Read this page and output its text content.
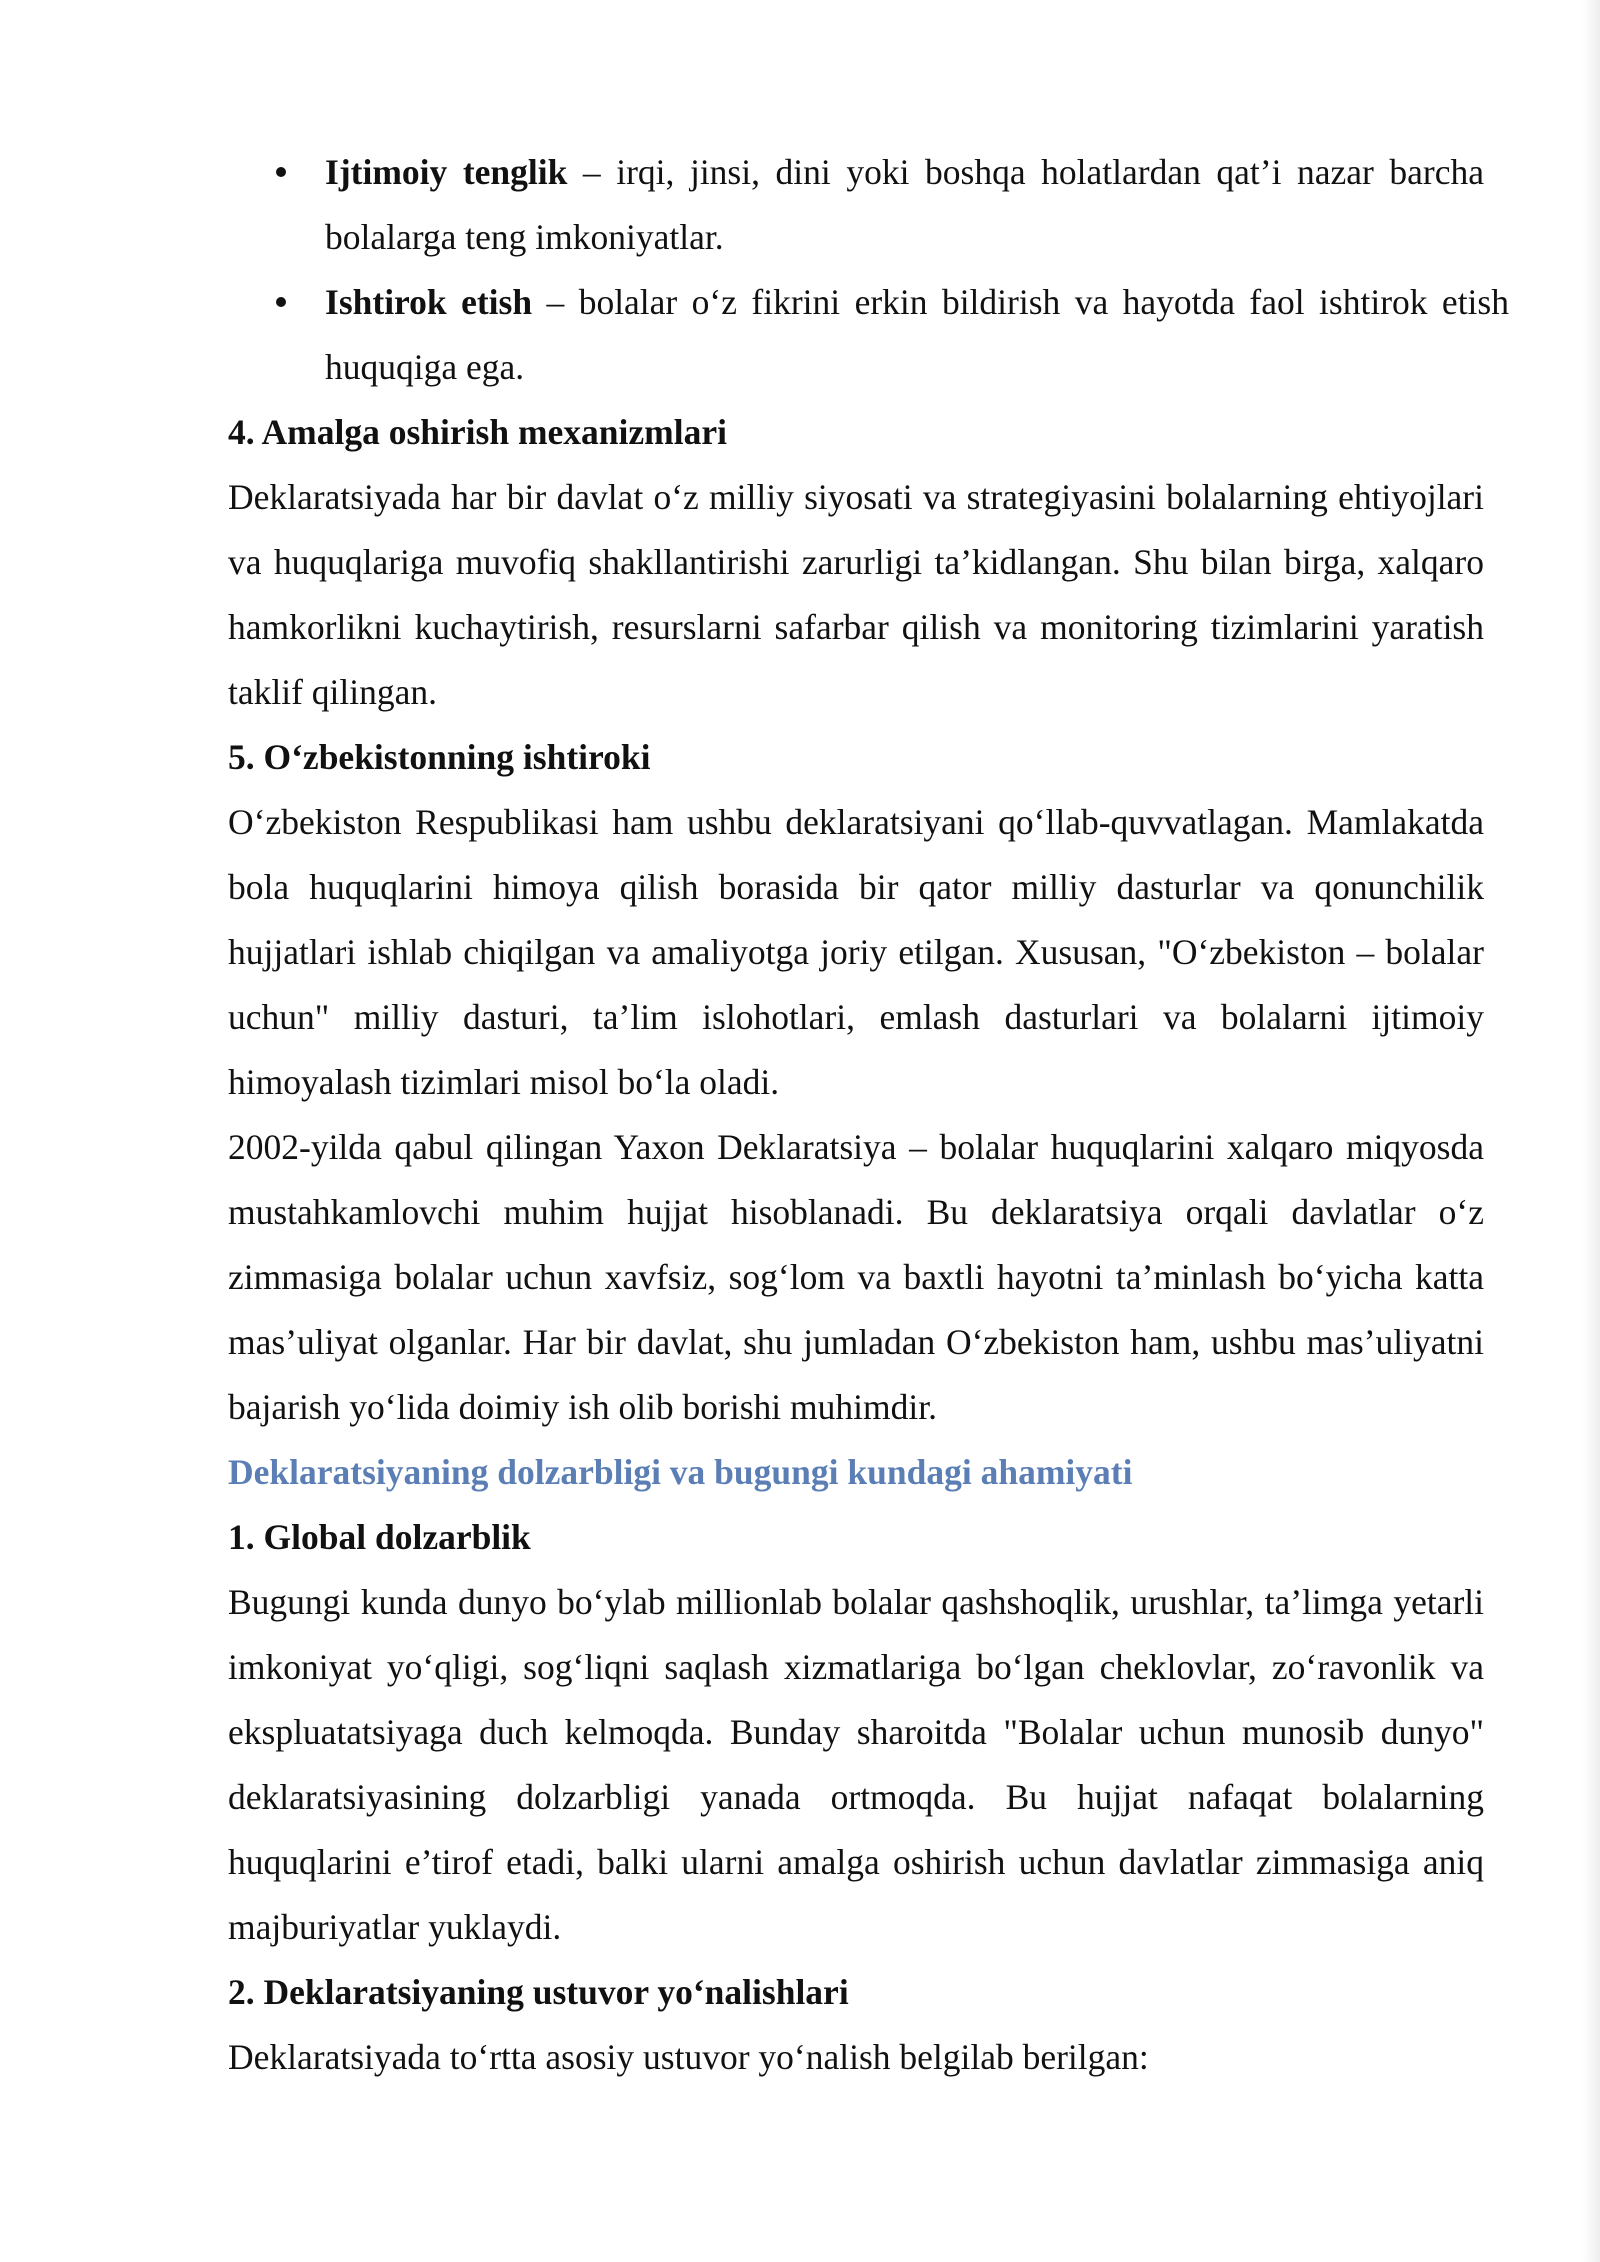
Ijtimoiy tenglik – irqi, jinsi, dini yoki boshqa holatlardan qat’i nazar barcha bolalarga teng imkoniyatlar.
Ishtirok etish – bolalar o‘z fikrini erkin bildirish va hayotda faol ishtirok etish huquqiga ega.
4. Amalga oshirish mexanizmlari

Deklaratsiyada har bir davlat o‘z milliy siyosati va strategiyasini bolalarning ehtiyojlari va huquqlariga muvofiq shakllantirishi zarurligi ta’kidlangan. Shu bilan birga, xalqaro hamkorlikni kuchaytirish, resurslarni safarbar qilish va monitoring tizimlarini yaratish taklif qilingan.

5. O‘zbekistonning ishtiroki

O‘zbekiston Respublikasi ham ushbu deklaratsiyani qo‘llab-quvvatlagan. Mamlakatda bola huquqlarini himoya qilish borasida bir qator milliy dasturlar va qonunchilik hujjatlari ishlab chiqilgan va amaliyotga joriy etilgan. Xususan, "O‘zbekiston – bolalar uchun" milliy dasturi, ta’lim islohotlari, emlash dasturlari va bolalarni ijtimoiy himoyalash tizimlari misol bo‘la oladi.

2002-yilda qabul qilingan Yaxon Deklaratsiya – bolalar huquqlarini xalqaro miqyosda mustahkamlovchi muhim hujjat hisoblanadi. Bu deklaratsiya orqali davlatlar o‘z zimmasiga bolalar uchun xavfsiz, sog‘lom va baxtli hayotni ta’minlash bo‘yicha katta mas’uliyat olganlar. Har bir davlat, shu jumladan O‘zbekiston ham, ushbu mas’uliyatni bajarish yo‘lida doimiy ish olib borishi muhimdir.

Deklaratsiyaning dolzarbligi va bugungi kundagi ahamiyati
1. Global dolzarblik

Bugungi kunda dunyo bo‘ylab millionlab bolalar qashshoqlik, urushlar, ta’limga yetarli imkoniyat yo‘qligi, sog‘liqni saqlash xizmatlariga bo‘lgan cheklovlar, zo‘ravonlik va ekspluatatsiyaga duch kelmoqda. Bunday sharoitda "Bolalar uchun munosib dunyo" deklaratsiyasining dolzarbligi yanada ortmoqda. Bu hujjat nafaqat bolalarning huquqlarini e’tirof etadi, balki ularni amalga oshirish uchun davlatlar zimmasiga aniq majburiyatlar yuklaydi.

2. Deklaratsiyaning ustuvor yo‘nalishlari

Deklaratsiyada to‘rtta asosiy ustuvor yo‘nalish belgilab berilgan:
